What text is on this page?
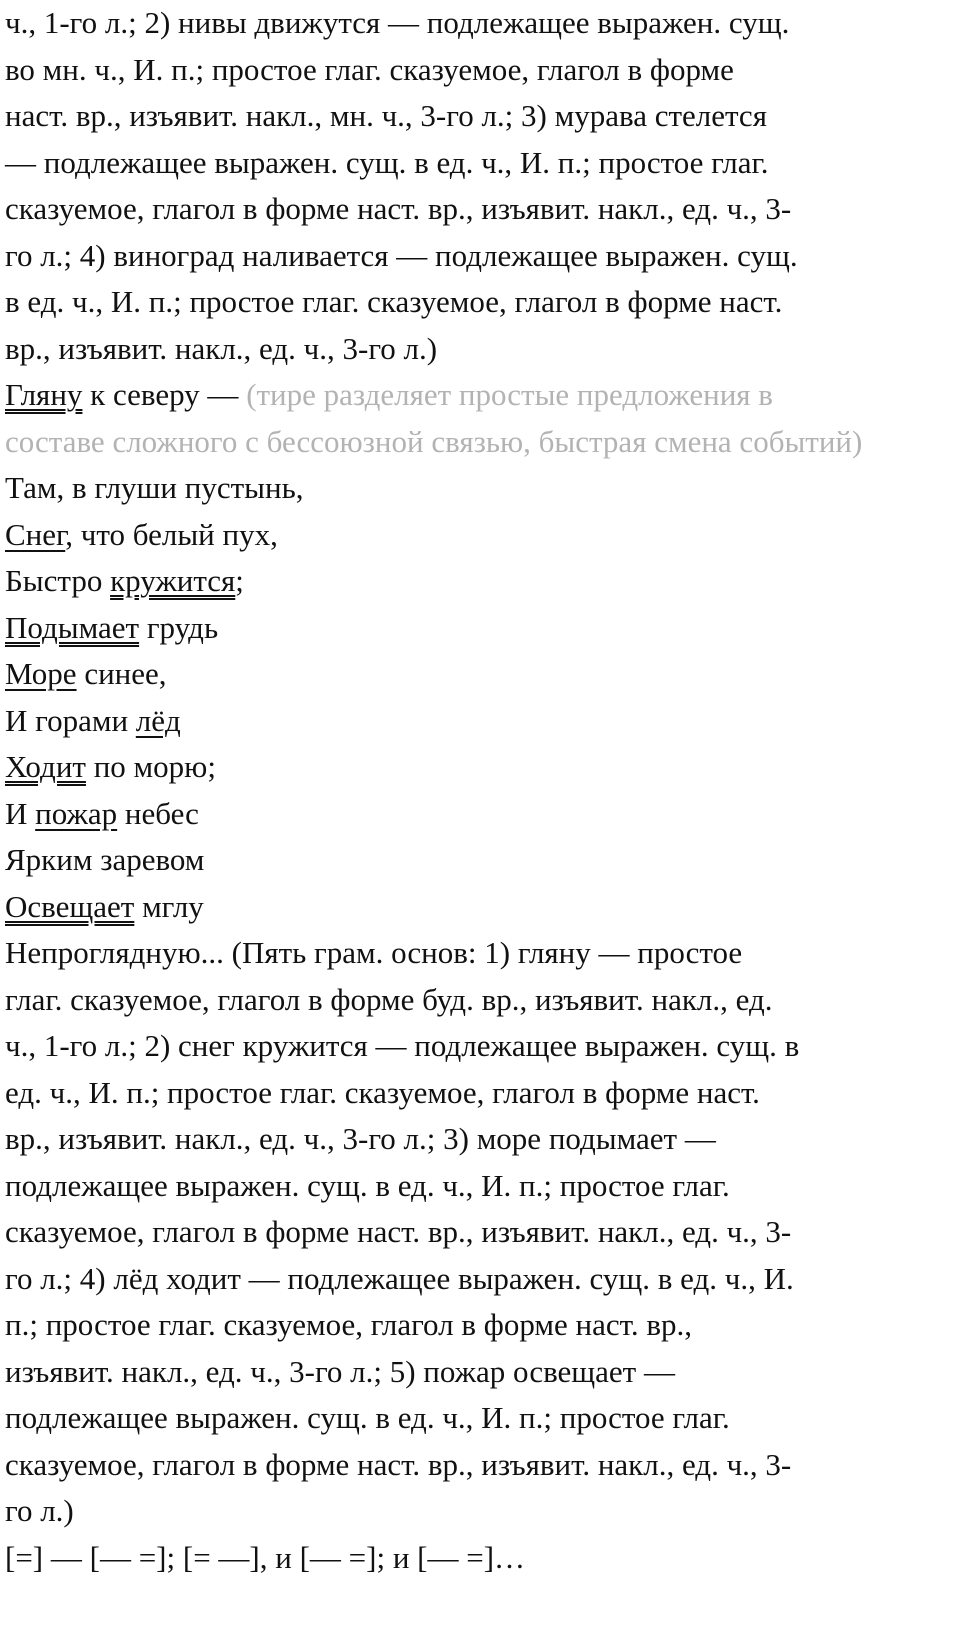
ч., 1-го л.; 2) нивы движутся — подлежащее выражен. сущ.
во мн. ч., И. п.; простое глаг. сказуемое, глагол в форме
наст. вр., изъявит. накл., мн. ч., 3-го л.; 3) мурава стелется
— подлежащее выражен. сущ. в ед. ч., И. п.; простое глаг.
сказуемое, глагол в форме наст. вр., изъявит. накл., ед. ч., 3-
го л.; 4) виноград наливается — подлежащее выражен. сущ.
в ед. ч., И. п.; простое глаг. сказуемое, глагол в форме наст.
вр., изъявит. накл., ед. ч., 3-го л.)
Гляну к северу — (тире разделяет простые предложения в
составе сложного с бессоюзной связью, быстрая смена событий)
Там, в глуши пустынь,
Снег, что белый пух,
Быстро кружится;
Подымает грудь
Море синее,
И горами лёд
Ходит по морю;
И пожар небес
Ярким заревом
Освещает мглу
Непроглядную... (Пять грам. основ: 1) гляну — простое
глаг. сказуемое, глагол в форме буд. вр., изъявит. накл., ед.
ч., 1-го л.; 2) снег кружится — подлежащее выражен. сущ. в
ед. ч., И. п.; простое глаг. сказуемое, глагол в форме наст.
вр., изъявит. накл., ед. ч., 3-го л.; 3) море подымает —
подлежащее выражен. сущ. в ед. ч., И. п.; простое глаг.
сказуемое, глагол в форме наст. вр., изъявит. накл., ед. ч., 3-
го л.; 4) лёд ходит — подлежащее выражен. сущ. в ед. ч., И.
п.; простое глаг. сказуемое, глагол в форме наст. вр.,
изъявит. накл., ед. ч., 3-го л.; 5) пожар освещает —
подлежащее выражен. сущ. в ед. ч., И. п.; простое глаг.
сказуемое, глагол в форме наст. вр., изъявит. накл., ед. ч., 3-
го л.)
[=] — [— =]; [= —], и [— =]; и [— =]…
